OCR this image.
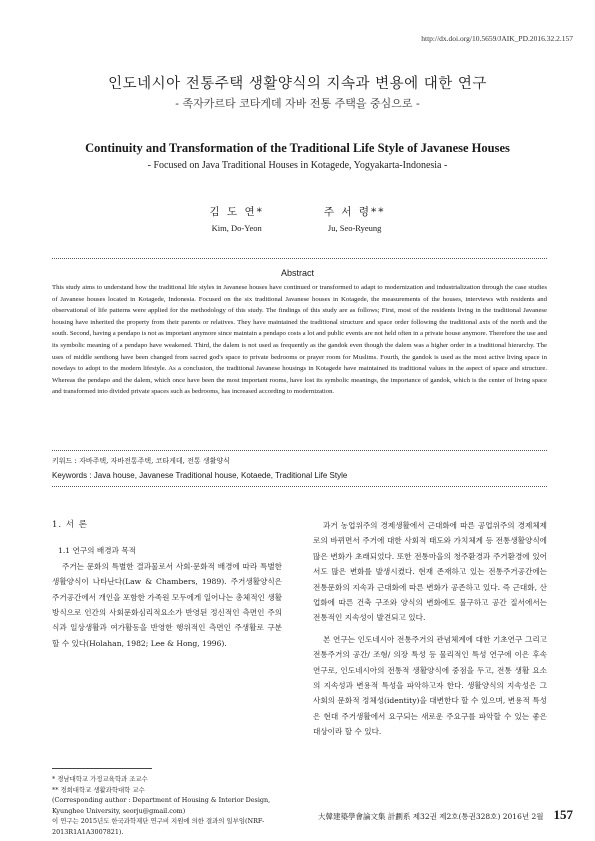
http://dx.doi.org/10.5659/JAIK_PD.2016.32.2.157
인도네시아 전통주택 생활양식의 지속과 변용에 대한 연구
- 족자카르타 코타게데 자바 전통 주택을 중심으로 -
Continuity and Transformation of the Traditional Life Style of Javanese Houses
- Focused on Java Traditional Houses in Kotagede, Yogyakarta-Indonesia -
김 도 연*
Kim, Do-Yeon
주 서 령**
Ju, Seo-Ryeung
Abstract
This study aims to understand how the traditional life styles in Javanese houses have continued or transformed to adapt to modernization and industrialization through the case studies of Javanese houses located in Kotagede, Indonesia. Focused on the six traditional Javanese houses in Kotagede, the measurements of the houses, interviews with residents and observational of life patterns were applied for the methodology of this study. The findings of this study are as follows; First, most of the residents living in the traditional Javanese housing have inherited the property from their parents or relatives. They have maintained the traditional structure and space order following the traditional axis of the north and the south. Second, having a pendapo is not as important anymore since maintain a pendapo costs a lot and public events are not held often in a private house anymore. Therefore the use and its symbolic meaning of a pendapo have weakened. Third, the dalem is not used as frequently as the gandok even though the dalem was a higher order in a traditional hierarchy. The uses of middle senthong have been changed from sacred god's space to private bedrooms or prayer room for Muslims. Fourth, the gandok is used as the most active living space in nowdays to adopt to the modern lifestyle. As a conclusion, the traditional Javanese housings in Kotagede have maintained its traditional values in the aspect of space and structure. Whereas the pendapo and the dalem, which once have been the most important rooms, have lost its symbolic meanings, the importance of gandok, which is the center of living space and transformed into divided private spaces such as bedrooms, has increased according to modernization.
키워드 : 자바주택, 자바전통주택, 코타게데, 전통 생활양식
Keywords : Java house, Javanese Traditional house, Kotaede, Traditional Life Style
1. 서 론

1.1 연구의 배경과 목적

주거는 문화의 특별한 결과물로서 사회·문화적 배경에 따라 특별한 생활양식이 나타난다(Law & Chambers, 1989). 주거생활양식은 주거공간에서 개인을 포함한 가족원 모두에게 일어나는 총체적인 생활방식으로 인간의 사회문화심리적요소가 반영된 정신적인 측면인 주의식과 일상생활과 여가활동을 반영한 행위적인 측면인 주생활로 구분 할 수 있다(Holahan, 1982; Lee & Hong, 1996).

과거 농업위주의 경제생활에서 근대화에 따른 공업위주의 경제체제로의 바뀌면서 주거에 대한 사회적 태도와 가치체계 등 전통생활양식에 많은 변화가 초래되었다. 또한 전통마을의 청주환경과 주거환경에 있어서도 많은 변화를 발생시켰다. 현재 존재하고 있는 전통주거공간에는 전통문화의 지속과 근대화에 따른 변화가 공존하고 있다. 즉 근대화, 산업화에 따른 건축 구조와 양식의 변화에도 불구하고 공간 질서에서는 전통적인 지속성이 발견되고 있다.

본 연구는 인도네시아 전통주거의 관념체계에 대한 기초연구 그리고 전통주거의 공간/ 조형/ 의장 특성 등 물리적인 특성 연구에 이은 후속연구로, 인도네시아의 전통적 생활양식에 중점을 두고, 전통 생활 요소의 지속성과 변용적 특성을 파악하고자 한다. 생활양식의 지속성은 그 사회의 문화적 정체성(identity)을 대변한다 할 수 있으며, 변용적 특성은 현대 주거생활에서 요구되는 새로운 주요구를 파악할 수 있는 좋은 대상이라 할 수 있다.

* 경남대학교 가정교육학과 조교수

** 경희대학교 생활과학대학 교수

(Corresponding author : Department of Housing & Interior Design, Kyunghee University, seorju@gmail.com)

이 연구는 2015년도 한국과학재단 연구비 지원에 의한 결과의 일부임(NRF-2013R1A1A3007821).

大韓建築學會論文集 計劃系 제32권 제2호(통권328호) 2016년 2월 157
